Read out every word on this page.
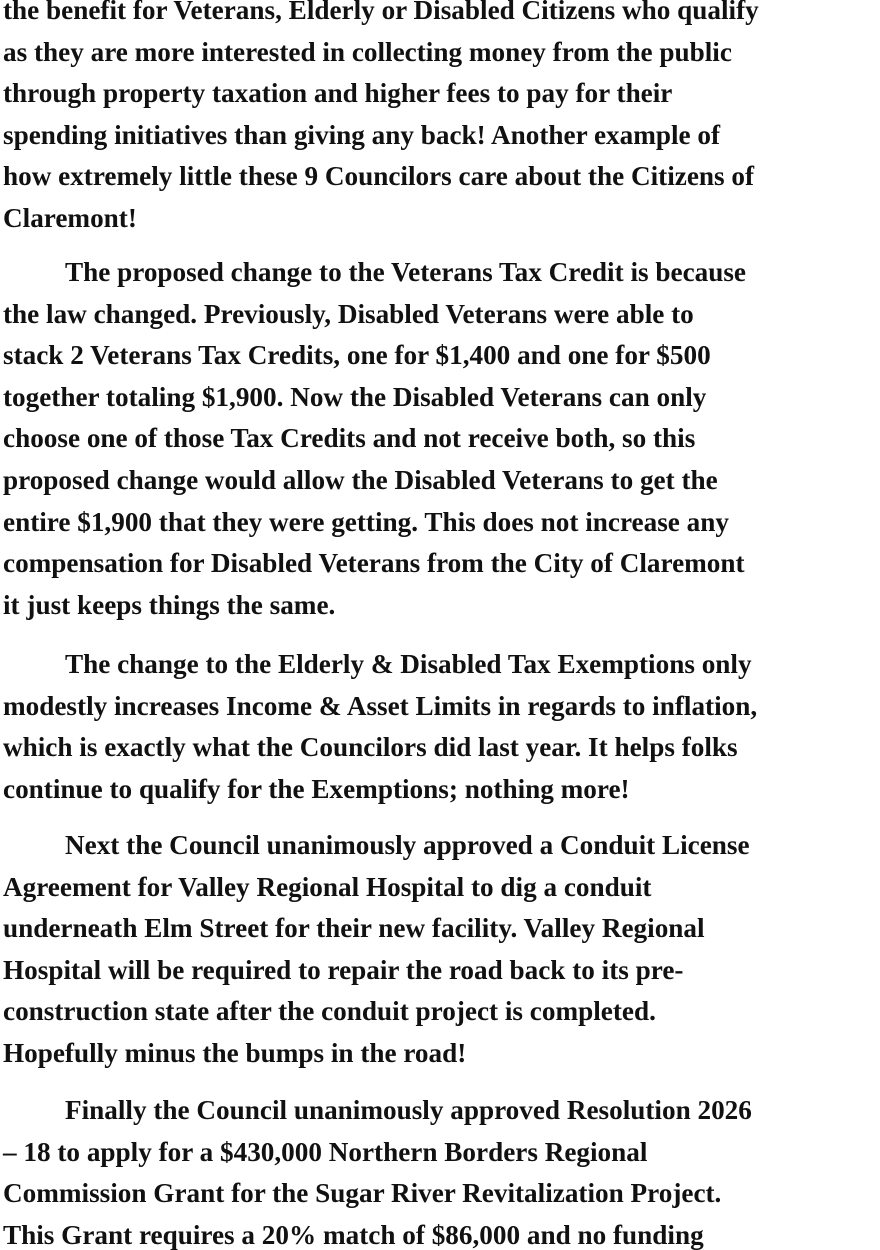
the benefit for Veterans, Elderly or Disabled Citizens who qualify
as they are more interested in collecting money from the public
through property taxation and higher fees to pay for their
spending initiatives than giving any back! Another example of
how extremely little these 9 Councilors care about the Citizens of
Claremont!
The proposed change to the Veterans Tax Credit is because
the law changed. Previously, Disabled Veterans were able to
stack 2 Veterans Tax Credits, one for $1,400 and one for $500
together totaling $1,900. Now the Disabled Veterans can only
choose one of those Tax Credits and not receive both, so this
proposed change would allow the Disabled Veterans to get the
entire $1,900 that they were getting. This does not increase any
compensation for Disabled Veterans from the City of Claremont
it just keeps things the same.
The change to the Elderly & Disabled Tax Exemptions only
modestly increases Income & Asset Limits in regards to inflation,
which is exactly what the Councilors did last year. It helps folks
continue to qualify for the Exemptions; nothing more!
Next the Council unanimously approved a Conduit License
Agreement for Valley Regional Hospital to dig a conduit
underneath Elm Street for their new facility. Valley Regional
Hospital will be required to repair the road back to its pre-
construction state after the conduit project is completed.
Hopefully minus the bumps in the road!
Finally the Council unanimously approved Resolution 2026
– 18 to apply for a $430,000 Northern Borders Regional
Commission Grant for the Sugar River Revitalization Project.
This Grant requires a 20% match of $86,000 and no funding
